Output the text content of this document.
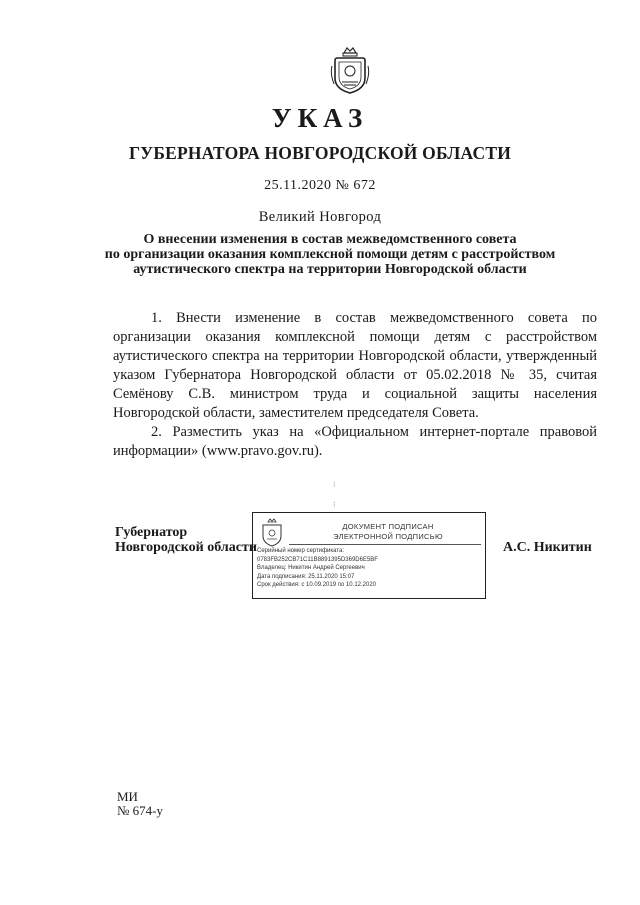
УКАЗ
ГУБЕРНАТОРА НОВГОРОДСКОЙ ОБЛАСТИ
25.11.2020 № 672
Великий Новгород
О внесении изменения в состав межведомственного совета
по организации оказания комплексной помощи детям с расстройством
аутистического спектра на территории Новгородской области

1. Внести изменение в состав межведомственного совета по организации оказания комплексной помощи детям с расстройством аутистического спектра на территории Новгородской области, утвержденный указом Губернатора Новгородской области от 05.02.2018 № 35, считая Семёнову С.В. министром труда и социальной защиты населения Новгородской области, заместителем председателя Совета.

2. Разместить указ на «Официальном интернет-портале правовой информации» (www.pravo.gov.ru).

⁝
⁝
Губернатор
Новгородской области
ДОКУМЕНТ ПОДПИСАН
ЭЛЕКТРОННОЙ ПОДПИСЬЮ
Серийный номер сертификата:
0783FB252CB71C11B8891395D369D6E5BF
Владелец: Никитин Андрей Сергеевич
Дата подписания: 25.11.2020 15:07
Срок действия: с 10.09.2019 по 10.12.2020
А.С. Никитин
МИ
№ 674-у
